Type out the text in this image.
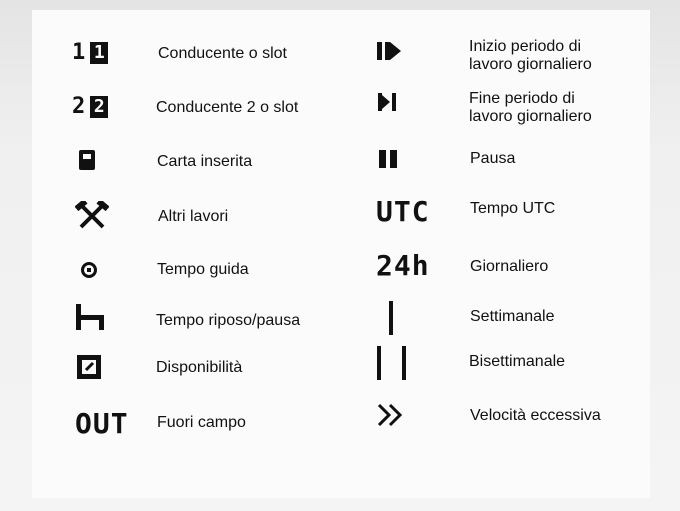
1 1	Conducente o slot
2 2	Conducente 2 o slot
Carta inserita
Altri lavori
Tempo guida
Tempo riposo/pausa
Disponibilità
OUT Fuori campo
Inizio periodo di
lavoro giornaliero
Fine periodo di
lavoro giornaliero
Pausa
UTC	Tempo UTC
24h	Giornaliero
Settimanale
Bisettimanale
Velocità eccessiva
